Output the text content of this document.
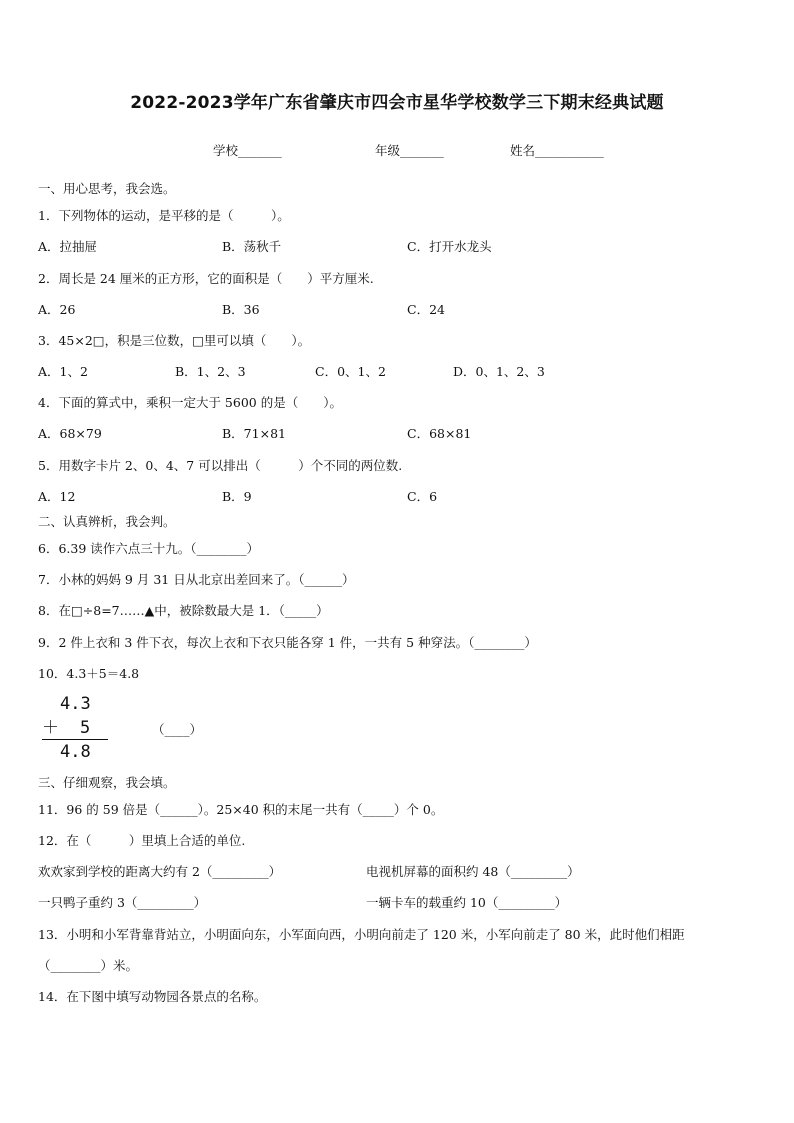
2022-2023学年广东省肇庆市四会市星华学校数学三下期末经典试题
学校_______	年级_______	姓名___________
一、用心思考，我会选。
1．下列物体的运动，是平移的是（　　　）。
A．拉抽屉	B．荡秋千	C．打开水龙头
2．周长是 24 厘米的正方形，它的面积是（　　）平方厘米.
A．26	B．36	C．24
3．45×2□，积是三位数，□里可以填（　　）。
A．1、2	B．1、2、3	C．0、1、2	D．0、1、2、3
4．下面的算式中，乘积一定大于 5600 的是（　　）。
A．68×79	B．71×81	C．68×81
5．用数字卡片 2、0、4、7 可以排出（　　　）个不同的两位数.
A．12	B．9	C．6
二、认真辨析，我会判。
6．6.39 读作六点三十九。（________）
7．小林的妈妈 9 月 31 日从北京出差回来了。（______）
8．在□÷8=7……▲中，被除数最大是 1．（_____）
9．2 件上衣和 3 件下衣，每次上衣和下衣只能各穿 1 件，一共有 5 种穿法。（________）
10．4.3＋5＝4.8
4.3
＋ 5
4.8
（____）
三、仔细观察，我会填。
11．96 的 59 倍是（______）。25×40 积的末尾一共有（_____）个 0。
12．在（　　　）里填上合适的单位.
欢欢家到学校的距离大约有 2（_________）	电视机屏幕的面积约 48（_________）
一只鸭子重约 3（_________）	一辆卡车的载重约 10（_________）
13．小明和小军背靠背站立，小明面向东，小军面向西，小明向前走了 120 米，小军向前走了 80 米，此时他们相距
（________）米。
14．在下图中填写动物园各景点的名称。
